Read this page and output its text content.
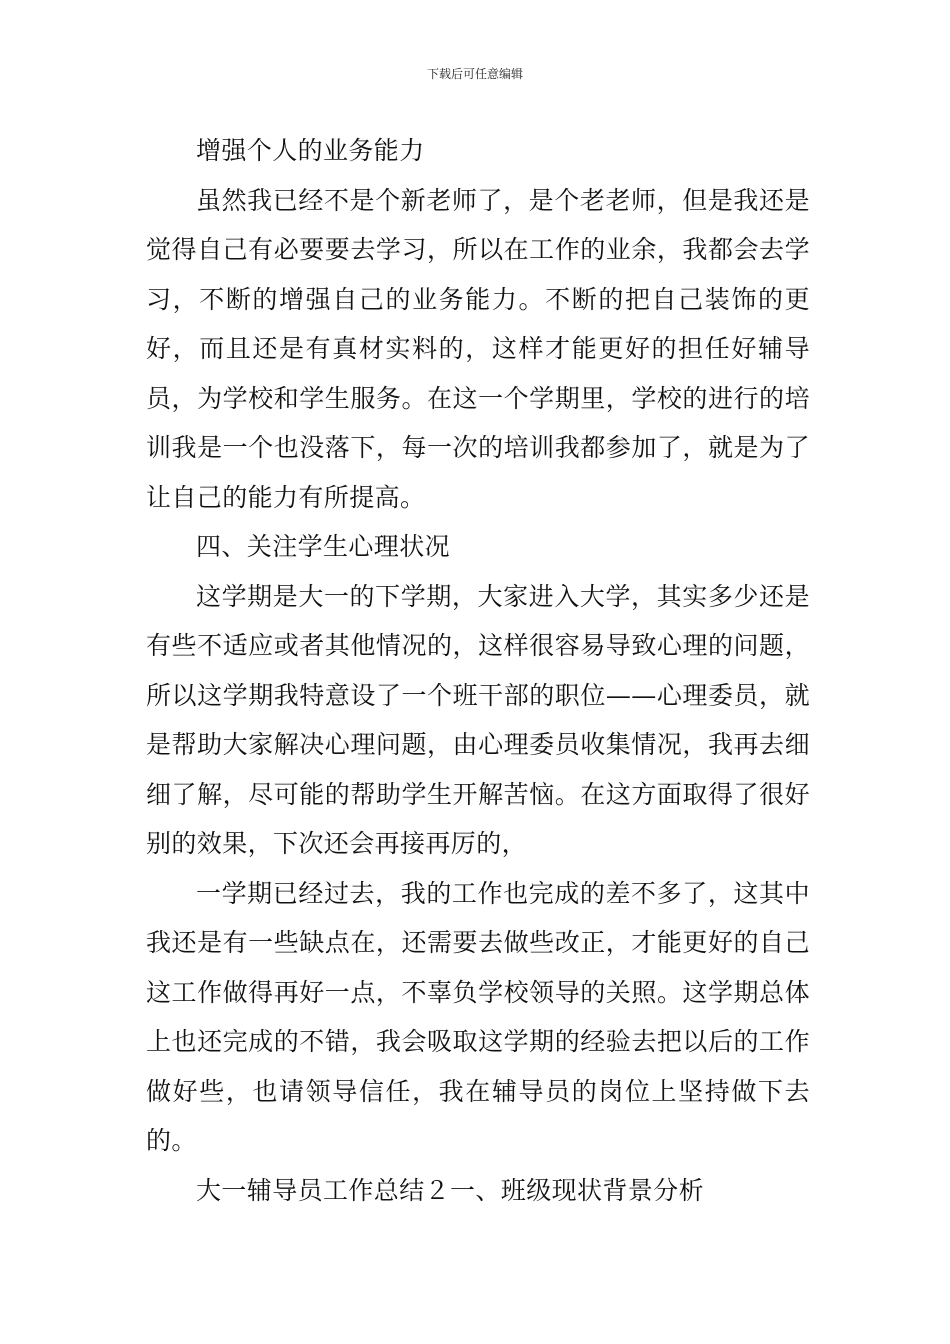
下载后可任意编辑

增强个人的业务能力

虽然我已经不是个新老师了，是个老老师，但是我还是觉得自己有必要要去学习，所以在工作的业余，我都会去学习，不断的增强自己的业务能力。不断的把自己装饰的更好，而且还是有真材实料的，这样才能更好的担任好辅导员，为学校和学生服务。在这一个学期里，学校的进行的培训我是一个也没落下，每一次的培训我都参加了，就是为了让自己的能力有所提高。

四、关注学生心理状况

这学期是大一的下学期，大家进入大学，其实多少还是有些不适应或者其他情况的，这样很容易导致心理的问题，所以这学期我特意设了一个班干部的职位——心理委员，就是帮助大家解决心理问题，由心理委员收集情况，我再去细细了解，尽可能的帮助学生开解苦恼。在这方面取得了很好别的效果，下次还会再接再厉的，

一学期已经过去，我的工作也完成的差不多了，这其中我还是有一些缺点在，还需要去做些改正，才能更好的自己这工作做得再好一点，不辜负学校领导的关照。这学期总体上也还完成的不错，我会吸取这学期的经验去把以后的工作做好些，也请领导信任，我在辅导员的岗位上坚持做下去的。

大一辅导员工作总结２一、班级现状背景分析
